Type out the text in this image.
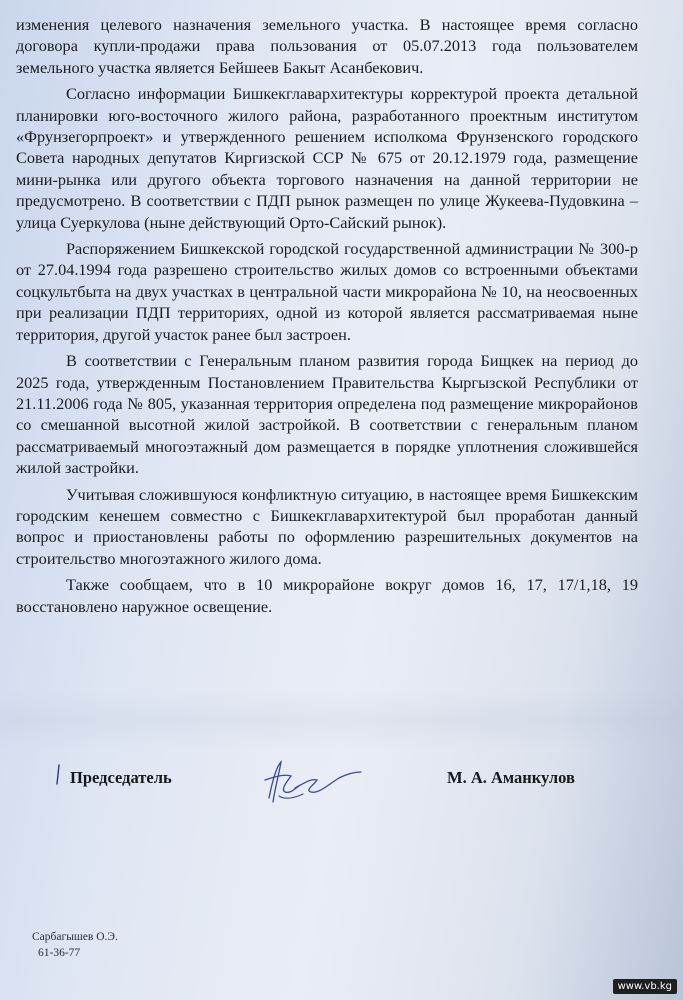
изменения целевого назначения земельного участка. В настоящее время согласно договора купли-продажи права пользования от 05.07.2013 года пользователем земельного участка является Бейшеев Бакыт Асанбекович.

Согласно информации Бишкекглавархитектуры корректурой проекта детальной планировки юго-восточного жилого района, разработанного проектным институтом «Фрунзегорпроект» и утвержденного решением исполкома Фрунзенского городского Совета народных депутатов Киргизской ССР № 675 от 20.12.1979 года, размещение мини-рынка или другого объекта торгового назначения на данной территории не предусмотрено. В соответствии с ПДП рынок размещен по улице Жукеева-Пудовкина – улица Суеркулова (ныне действующий Орто-Сайский рынок).

Распоряжением Бишкекской городской государственной администрации № 300-р от 27.04.1994 года разрешено строительство жилых домов со встроенными объектами соцкультбыта на двух участках в центральной части микрорайона № 10, на неосвоенных при реализации ПДП территориях, одной из которой является рассматриваемая ныне территория, другой участок ранее был застроен.

В соответствии с Генеральным планом развития города Бищкек на период до 2025 года, утвержденным Постановлением Правительства Кыргызской Республики от 21.11.2006 года № 805, указанная территория определена под размещение микрорайонов со смешанной высотной жилой застройкой. В соответствии с генеральным планом рассматриваемый многоэтажный дом размещается в порядке уплотнения сложившейся жилой застройки.

Учитывая сложившуюся конфликтную ситуацию, в настоящее время Бишкекским городским кенешем совместно с Бишкекглавархитектурой был проработан данный вопрос и приостановлены работы по оформлению разрешительных документов на строительство многоэтажного жилого дома.

Также сообщаем, что в 10 микрорайоне вокруг домов 16, 17, 17/1,18, 19 восстановлено наружное освещение.

Председатель	М. А. Аманкулов
Сарбагышев О.Э.
61-36-77
www.vb.kg
